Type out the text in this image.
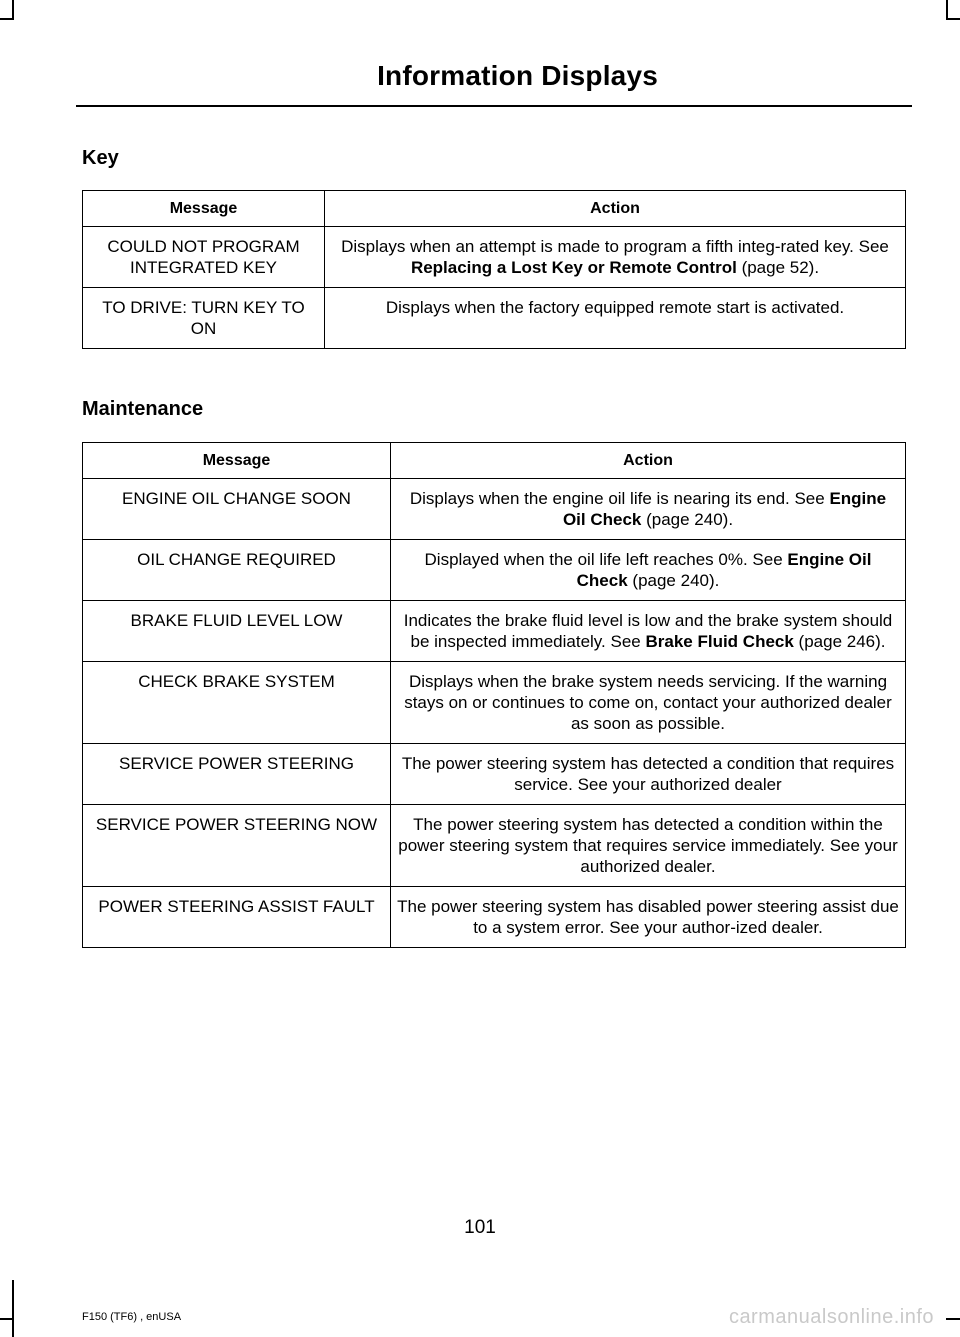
Information Displays
Key
Message	Action
COULD NOT PROGRAM INTEGRATED KEY	Displays when an attempt is made to program a fifth integ-rated key. See Replacing a Lost Key or Remote Control (page 52).
TO DRIVE: TURN KEY TO ON	Displays when the factory equipped remote start is activated.
Maintenance
Message	Action
ENGINE OIL CHANGE SOON	Displays when the engine oil life is nearing its end. See Engine Oil Check (page 240).
OIL CHANGE REQUIRED	Displayed when the oil life left reaches 0%. See Engine Oil Check (page 240).
BRAKE FLUID LEVEL LOW	Indicates the brake fluid level is low and the brake system should be inspected immediately. See Brake Fluid Check (page 246).
CHECK BRAKE SYSTEM	Displays when the brake system needs servicing. If the warning stays on or continues to come on, contact your authorized dealer as soon as possible.
SERVICE POWER STEERING	The power steering system has detected a condition that requires service. See your authorized dealer
SERVICE POWER STEERING NOW	The power steering system has detected a condition within the power steering system that requires service immediately. See your authorized dealer.
POWER STEERING ASSIST FAULT	The power steering system has disabled power steering assist due to a system error. See your author-ized dealer.
101
F150 (TF6) , enUSA	carmanualsonline.info
